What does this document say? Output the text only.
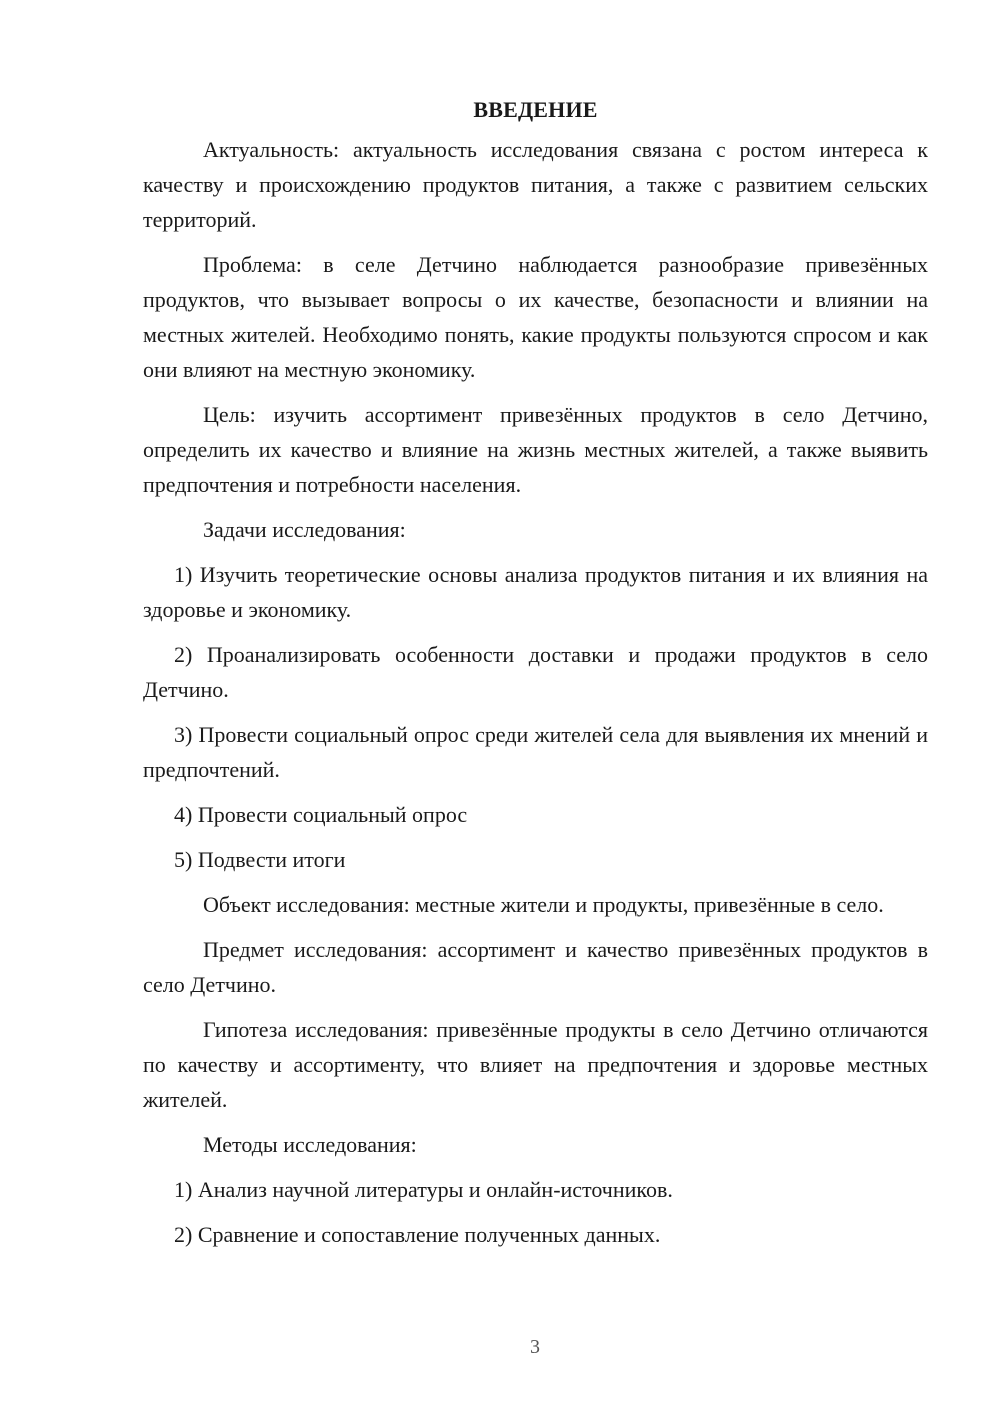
ВВЕДЕНИЕ

Актуальность: актуальность исследования связана с ростом интереса к качеству и происхождению продуктов питания, а также с развитием сельских территорий.

Проблема: в селе Детчино наблюдается разнообразие привезённых продуктов, что вызывает вопросы о их качестве, безопасности и влиянии на местных жителей. Необходимо понять, какие продукты пользуются спросом и как они влияют на местную экономику.

Цель: изучить ассортимент привезённых продуктов в село Детчино, определить их качество и влияние на жизнь местных жителей, а также выявить предпочтения и потребности населения.

Задачи исследования:

1) Изучить теоретические основы анализа продуктов питания и их влияния на здоровье и экономику.

2) Проанализировать особенности доставки и продажи продуктов в село Детчино.

3) Провести социальный опрос среди жителей села для выявления их мнений и предпочтений.

4) Провести социальный опрос

5) Подвести итоги

Объект исследования: местные жители и продукты, привезённые в село.

Предмет исследования: ассортимент и качество привезённых продуктов в село Детчино.

Гипотеза исследования: привезённые продукты в село Детчино отличаются по качеству и ассортименту, что влияет на предпочтения и здоровье местных жителей.

Методы исследования:

1) Анализ научной литературы и онлайн-источников.

2) Сравнение и сопоставление полученных данных.

3
